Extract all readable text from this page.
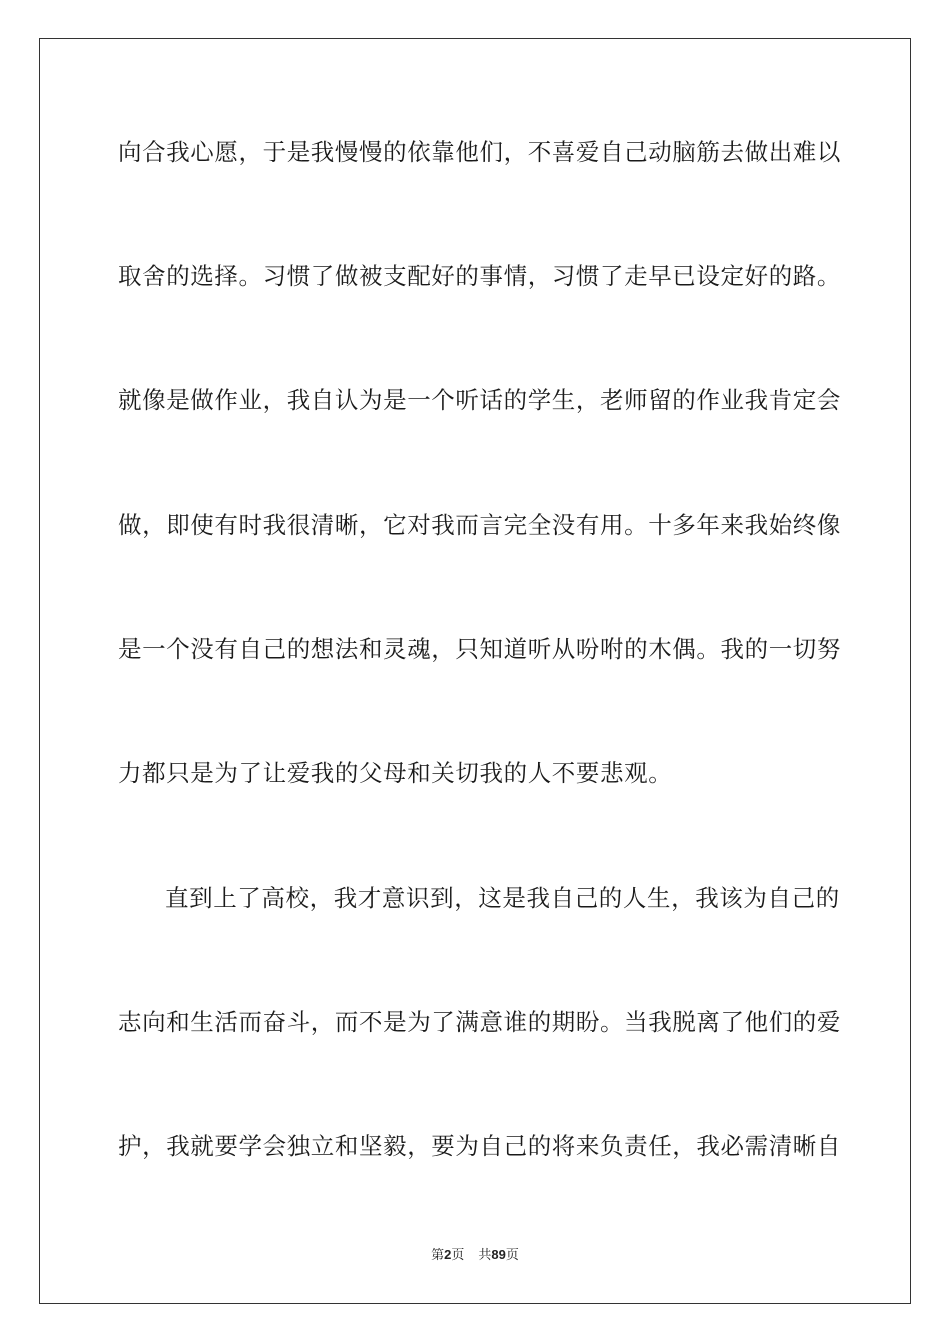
向合我心愿，于是我慢慢的依靠他们，不喜爱自己动脑筋去做出难以
取舍的选择。习惯了做被支配好的事情，习惯了走早已设定好的路。
就像是做作业，我自认为是一个听话的学生，老师留的作业我肯定会
做，即使有时我很清晰，它对我而言完全没有用。十多年来我始终像
是一个没有自己的想法和灵魂，只知道听从吩咐的木偶。我的一切努
力都只是为了让爱我的父母和关切我的人不要悲观。
直到上了高校，我才意识到，这是我自己的人生，我该为自己的
志向和生活而奋斗，而不是为了满意谁的期盼。当我脱离了他们的爱
护，我就要学会独立和坚毅，要为自己的将来负责任，我必需清晰自
第2页 共89页
